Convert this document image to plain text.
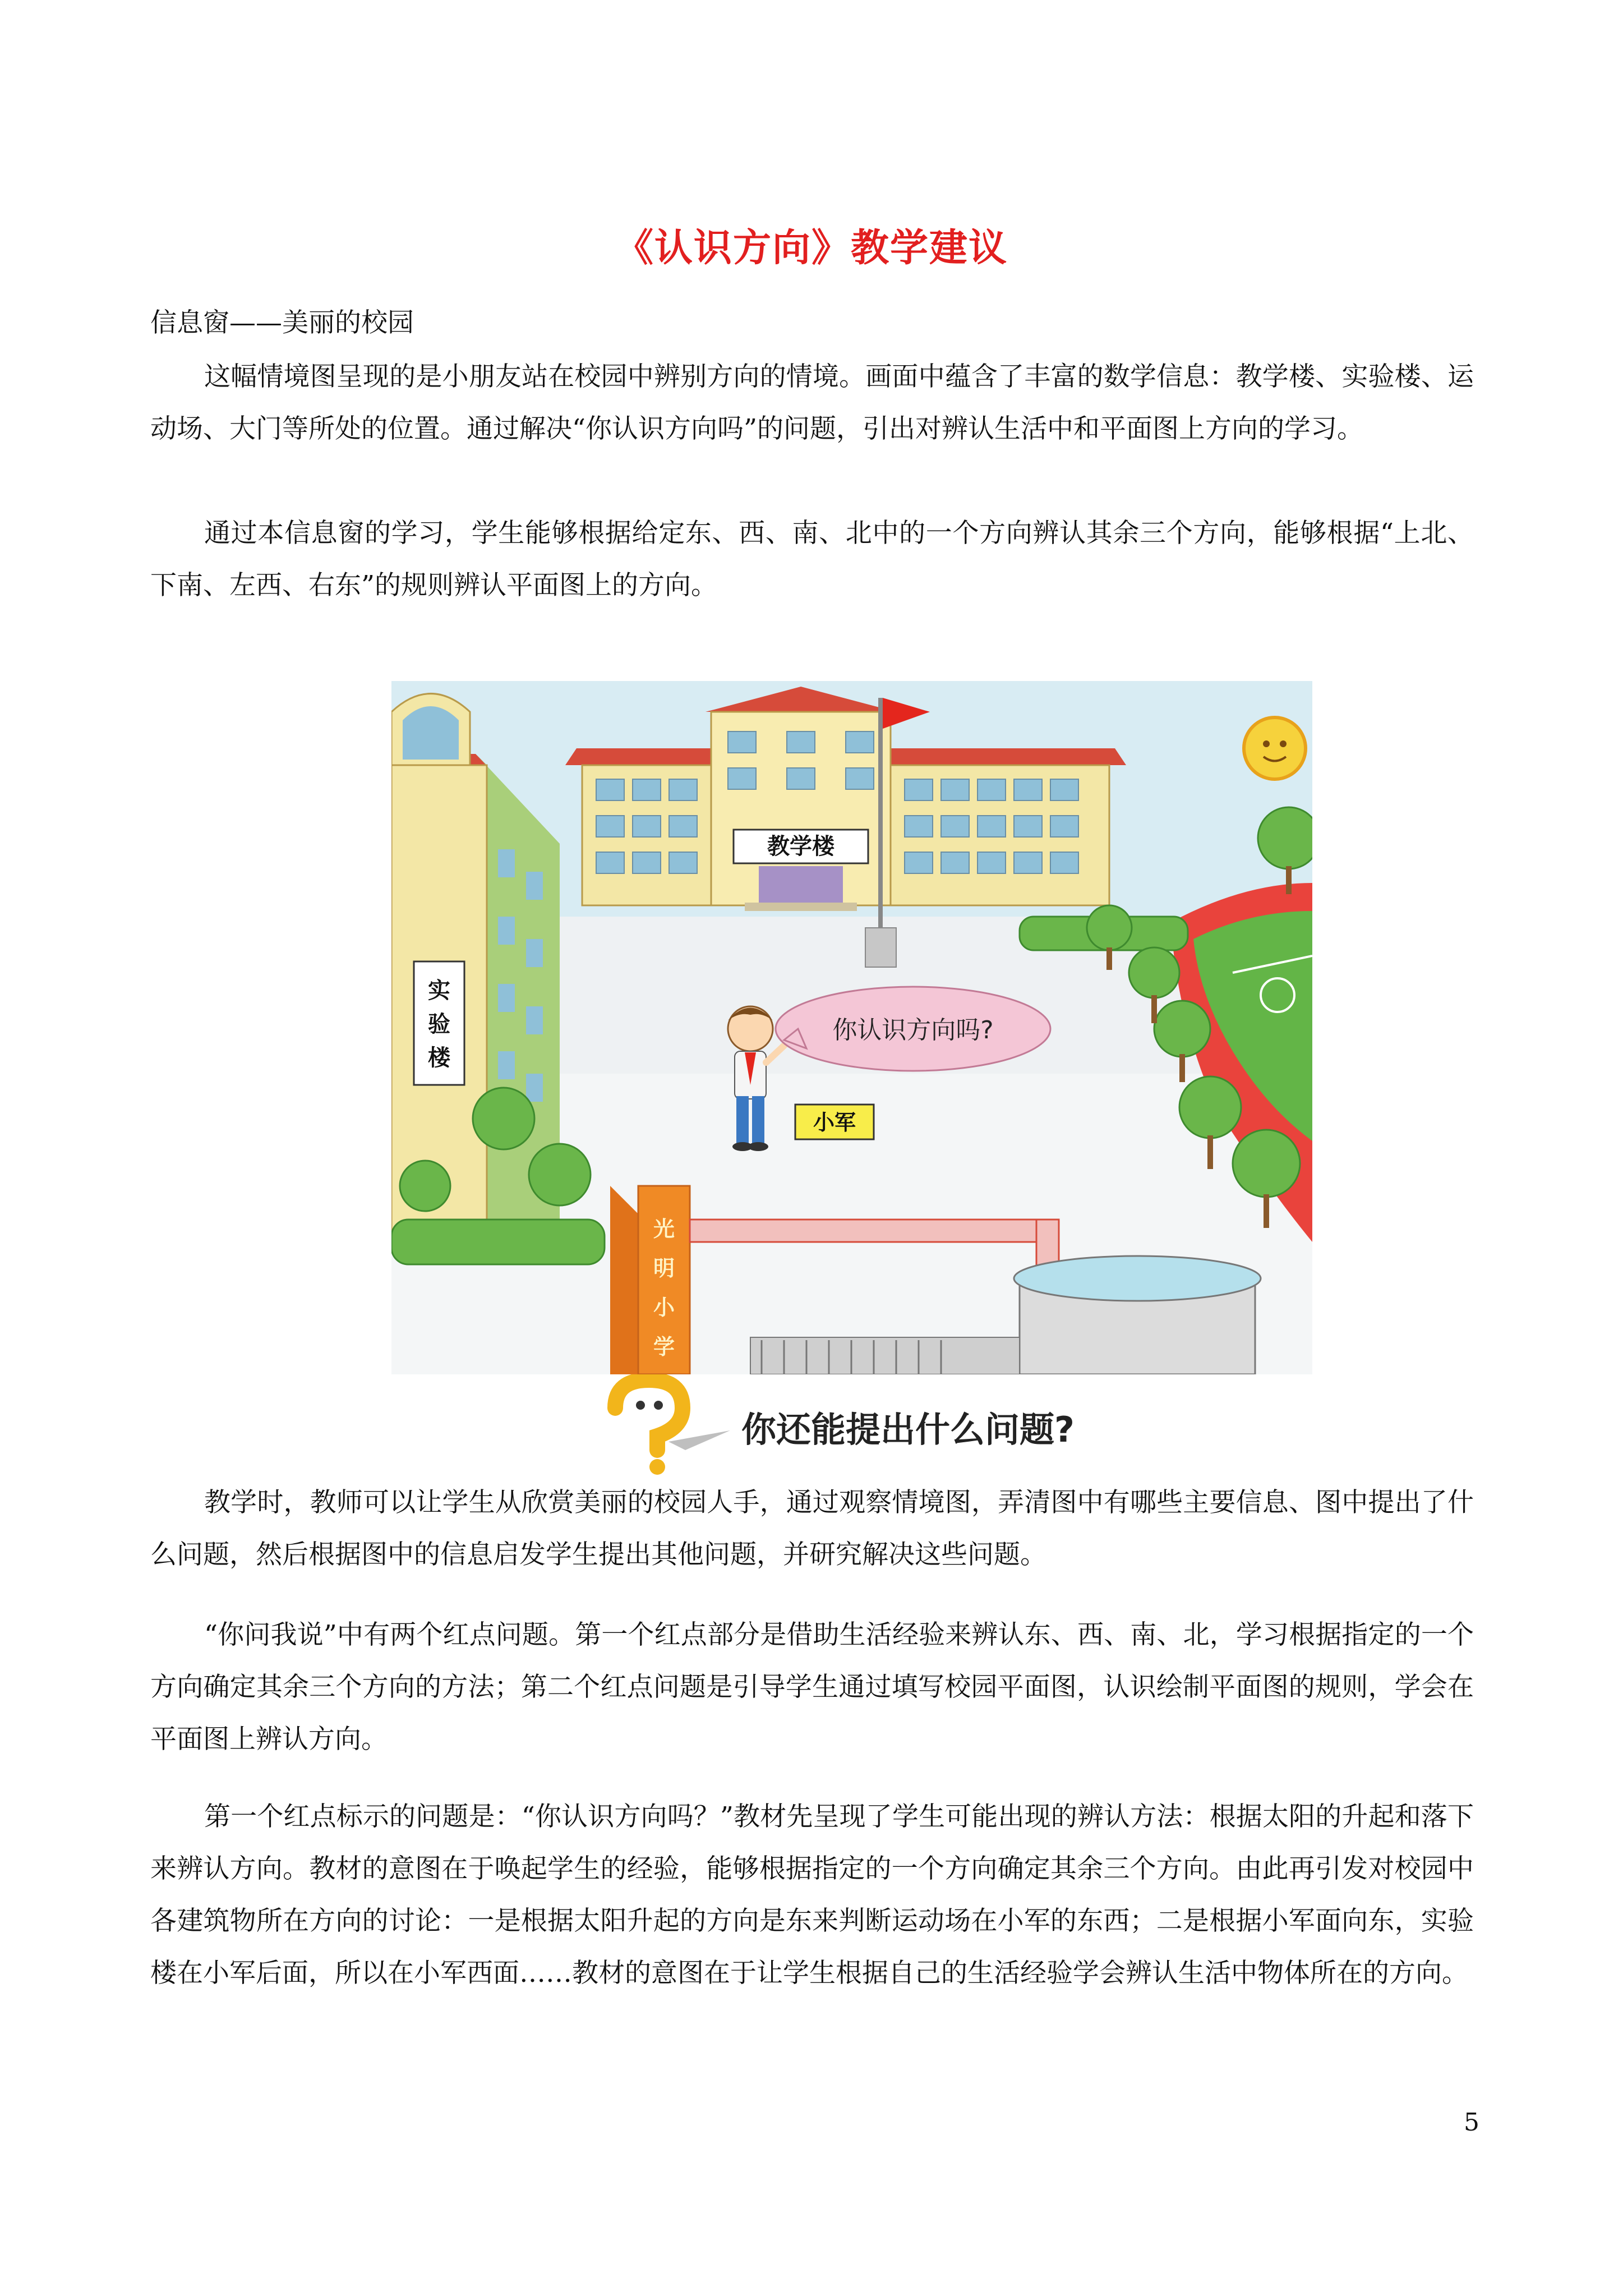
《认识方向》教学建议
信息窗——美丽的校园

这幅情境图呈现的是小朋友站在校园中辨别方向的情境。画面中蕴含了丰富的数学信息：教学楼、实验楼、运动场、大门等所处的位置。通过解决“你认识方向吗”的问题，引出对辨认生活中和平面图上方向的学习。

通过本信息窗的学习，学生能够根据给定东、西、南、北中的一个方向辨认其余三个方向，能够根据“上北、下南、左西、右东”的规则辨认平面图上的方向。

教学楼
实
验
楼
小军
你认识方向吗?
光
明
小
学
你还能提出什么问题?

教学时，教师可以让学生从欣赏美丽的校园人手，通过观察情境图，弄清图中有哪些主要信息、图中提出了什么问题，然后根据图中的信息启发学生提出其他问题，并研究解决这些问题。

“你问我说”中有两个红点问题。第一个红点部分是借助生活经验来辨认东、西、南、北，学习根据指定的一个方向确定其余三个方向的方法；第二个红点问题是引导学生通过填写校园平面图，认识绘制平面图的规则，学会在平面图上辨认方向。

第一个红点标示的问题是：“你认识方向吗？”教材先呈现了学生可能出现的辨认方法：根据太阳的升起和落下来辨认方向。教材的意图在于唤起学生的经验，能够根据指定的一个方向确定其余三个方向。由此再引发对校园中各建筑物所在方向的讨论：一是根据太阳升起的方向是东来判断运动场在小军的东西；二是根据小军面向东，实验楼在小军后面，所以在小军西面……教材的意图在于让学生根据自己的生活经验学会辨认生活中物体所在的方向。

5
